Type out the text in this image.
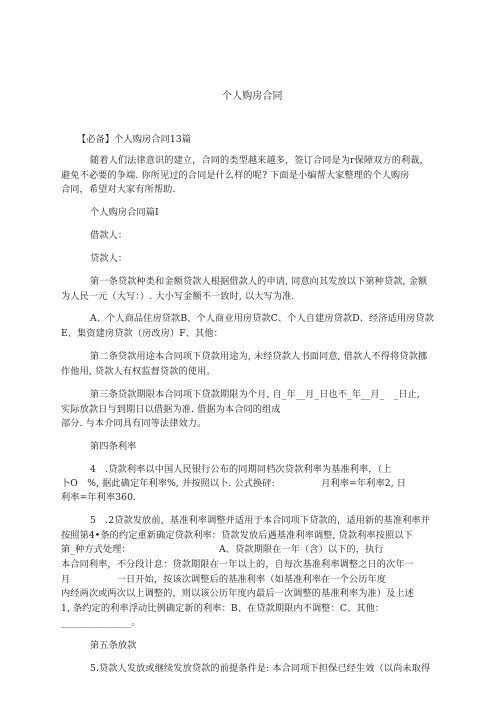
个人购房合同
【必备】个人购房合同13篇
随着人们法律意识的建立，合同的类型越来越多，签订合同是为r保障双方的利裁，
避免不必要的争端. 你所见过的合同是什么样的呢? 下面是小编帮大家整理的个人购房
合同，希望对大家有所帮助.
个人购房合同篇I
借款人：
贷款人：
第一条贷款种类和金额贷款人根据借款人的申请, 同意向其发放以下第种贷款, 金额
为人民一元（大写：）. 大小写金额不一致时, 以大写为准.
A、个人商品住房贷款B、个人商业用房贷款C、个人自建房贷款D、经济适用房贷款
E、集资建房贷款（房改房）F、其他：
第二条贷款用途本合同项下贷款用途为, 未经贷款人书面同意, 借款人不得将贷款挪
作他用, 贷款人有权监督贷款的使用。
第三条贷款期限本合同项下贷款期限为个月, 自_年__月_日也不_年__月_　_日止,
实际放款日与到期日以借据为准. 借据为本合同的组成
部分. 与本介同具有同等法律效力。
第四条利率
4　.贷款利率以中国人民银行公布的同期同档次贷款利率为基准利率，（上
卜O　%, 据此确定年利率%, 并按照以卜. 公式换砰:　　　　　月利率=年利率2, 日
利率=年利率360.
5　.2贷款发放前，基准利率调整并适用于本合同项下贷款的，适用新的基准利率并
按照第4•条的约定重新确定贷款利率：贷款发放后遇基准利率调整, 贷款利率按照以下
第_种方式处理：　　　　　　　　　　A、贷款期限在一年（含）以下的，执行
本合同利率，不分段计息：贷款期限在一年以上的，自每次基准利率调整之日的次年一
月　　　　　一日开始，按该次调整后的基准利率（如基准利率在一个公历年度
内经两次或两次以上调整的，则以该公历年度内最后一次调整的基准利率为准）及上述
1, 条约定的利率浮动比例确定新的利率：B、在贷款期限内不调整：C、其他：
_______________。
第五条放款
5.贷款人发放或继续发放贷款的前提条件是: 本合同项下担保已经生效（以尚未取得
